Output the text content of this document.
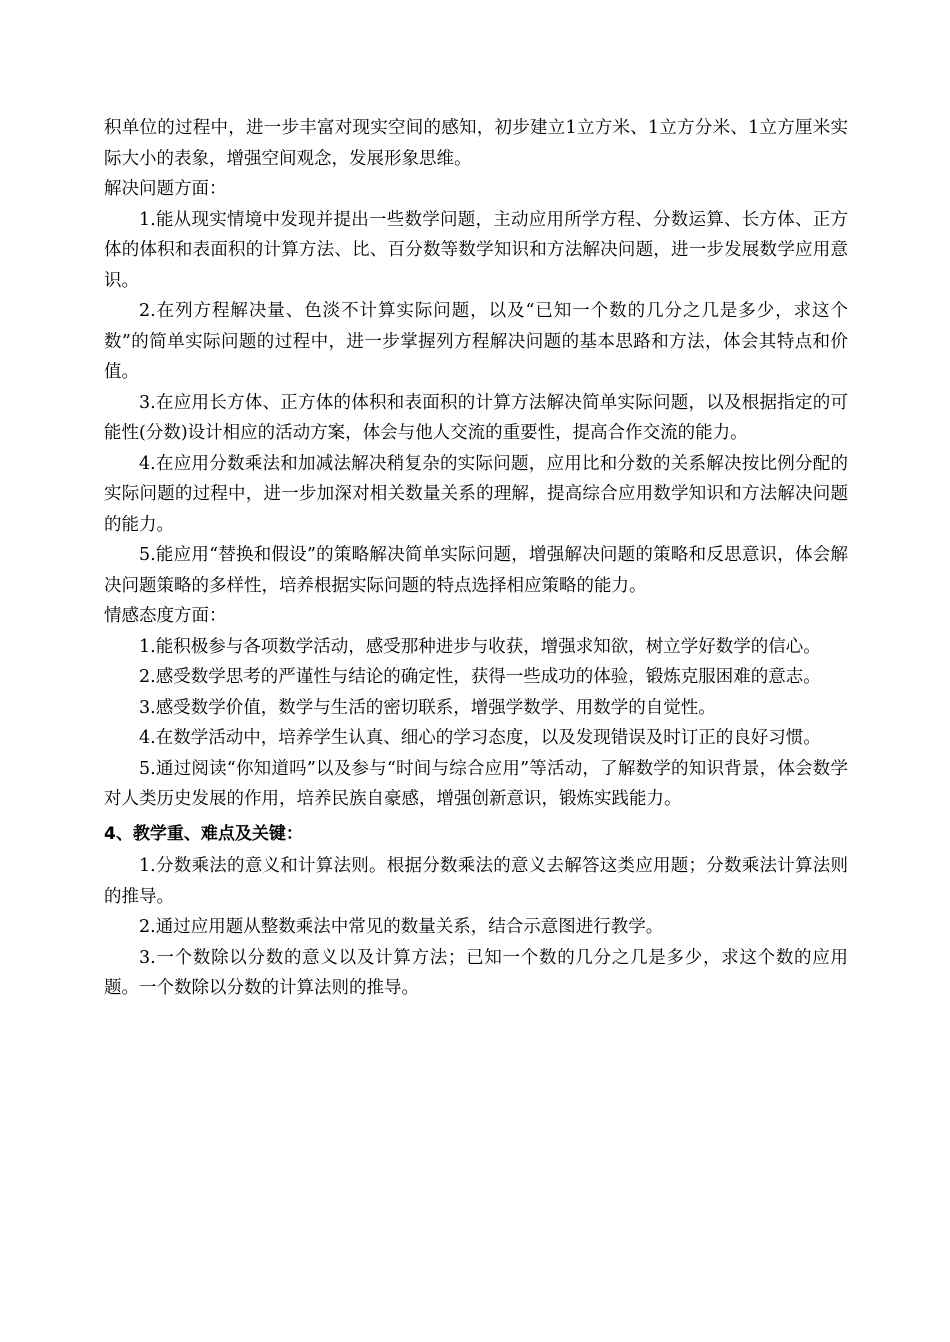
积单位的过程中，进一步丰富对现实空间的感知，初步建立1立方米、1立方分米、1立方厘米实际大小的表象，增强空间观念，发展形象思维。

解决问题方面：

1.能从现实情境中发现并提出一些数学问题，主动应用所学方程、分数运算、长方体、正方体的体积和表面积的计算方法、比、百分数等数学知识和方法解决问题，进一步发展数学应用意识。

2.在列方程解决量、色淡不计算实际问题，以及“已知一个数的几分之几是多少，求这个数”的简单实际问题的过程中，进一步掌握列方程解决问题的基本思路和方法，体会其特点和价值。

3.在应用长方体、正方体的体积和表面积的计算方法解决简单实际问题，以及根据指定的可能性(分数)设计相应的活动方案，体会与他人交流的重要性，提高合作交流的能力。

4.在应用分数乘法和加减法解决稍复杂的实际问题，应用比和分数的关系解决按比例分配的实际问题的过程中，进一步加深对相关数量关系的理解，提高综合应用数学知识和方法解决问题的能力。

5.能应用“替换和假设”的策略解决简单实际问题，增强解决问题的策略和反思意识，体会解决问题策略的多样性，培养根据实际问题的特点选择相应策略的能力。

情感态度方面：

1.能积极参与各项数学活动，感受那种进步与收获，增强求知欲，树立学好数学的信心。

2.感受数学思考的严谨性与结论的确定性，获得一些成功的体验，锻炼克服困难的意志。

3.感受数学价值，数学与生活的密切联系，增强学数学、用数学的自觉性。

4.在数学活动中，培养学生认真、细心的学习态度，以及发现错误及时订正的良好习惯。

5.通过阅读“你知道吗”以及参与“时间与综合应用”等活动，了解数学的知识背景，体会数学对人类历史发展的作用，培养民族自豪感，增强创新意识，锻炼实践能力。

4、教学重、难点及关键：

1.分数乘法的意义和计算法则。根据分数乘法的意义去解答这类应用题；分数乘法计算法则的推导。

2.通过应用题从整数乘法中常见的数量关系，结合示意图进行教学。

3.一个数除以分数的意义以及计算方法；已知一个数的几分之几是多少，求这个数的应用题。一个数除以分数的计算法则的推导。
